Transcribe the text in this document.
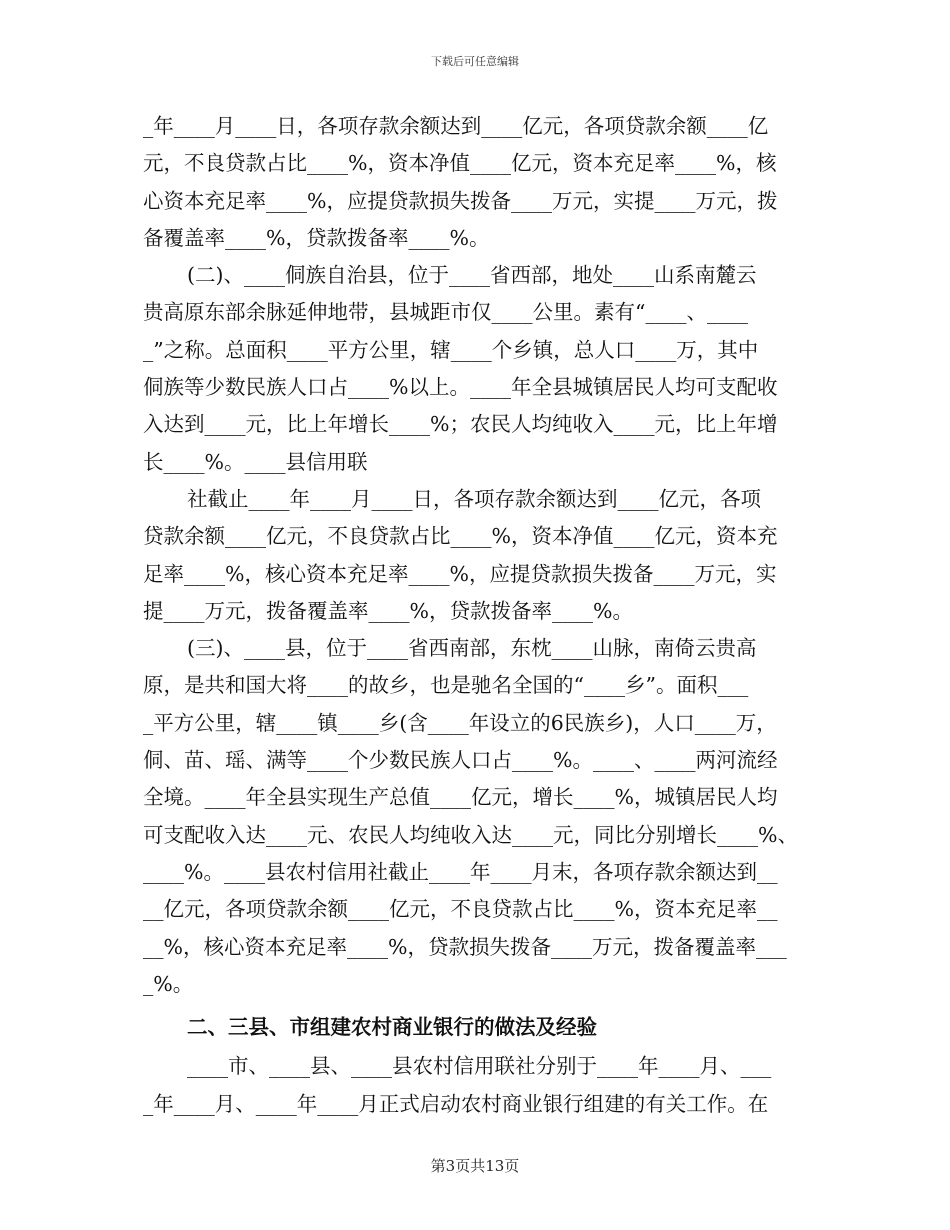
下载后可任意编辑
_年____月____日，各项存款余额达到____亿元，各项贷款余额____亿
元，不良贷款占比____%，资本净值____亿元，资本充足率____%，核
心资本充足率____%，应提贷款损失拨备____万元，实提____万元，拨
备覆盖率____%，贷款拨备率____%。
(二)、____侗族自治县，位于____省西部，地处____山系南麓云
贵高原东部余脉延伸地带，县城距市仅____公里。素有“____、____
_”之称。总面积____平方公里，辖____个乡镇，总人口____万，其中
侗族等少数民族人口占____%以上。____年全县城镇居民人均可支配收
入达到____元，比上年增长____%；农民人均纯收入____元，比上年增
长____%。____县信用联
社截止____年____月____日，各项存款余额达到____亿元，各项
贷款余额____亿元，不良贷款占比____%，资本净值____亿元，资本充
足率____%，核心资本充足率____%，应提贷款损失拨备____万元，实
提____万元，拨备覆盖率____%，贷款拨备率____%。
(三)、____县，位于____省西南部，东枕____山脉，南倚云贵高
原，是共和国大将____的故乡，也是驰名全国的“____乡”。面积___
_平方公里，辖____镇____乡(含____年设立的6民族乡)，人口____万，
侗、苗、瑶、满等____个少数民族人口占____%。____、____两河流经
全境。____年全县实现生产总值____亿元，增长____%，城镇居民人均
可支配收入达____元、农民人均纯收入达____元，同比分别增长____%、
____%。____县农村信用社截止____年____月末，各项存款余额达到__
__亿元，各项贷款余额____亿元，不良贷款占比____%，资本充足率__
__%，核心资本充足率____%，贷款损失拨备____万元，拨备覆盖率___
_%。
二、三县、市组建农村商业银行的做法及经验
____市、____县、____县农村信用联社分别于____年____月、___
_年____月、____年____月正式启动农村商业银行组建的有关工作。在
第3页共13页
